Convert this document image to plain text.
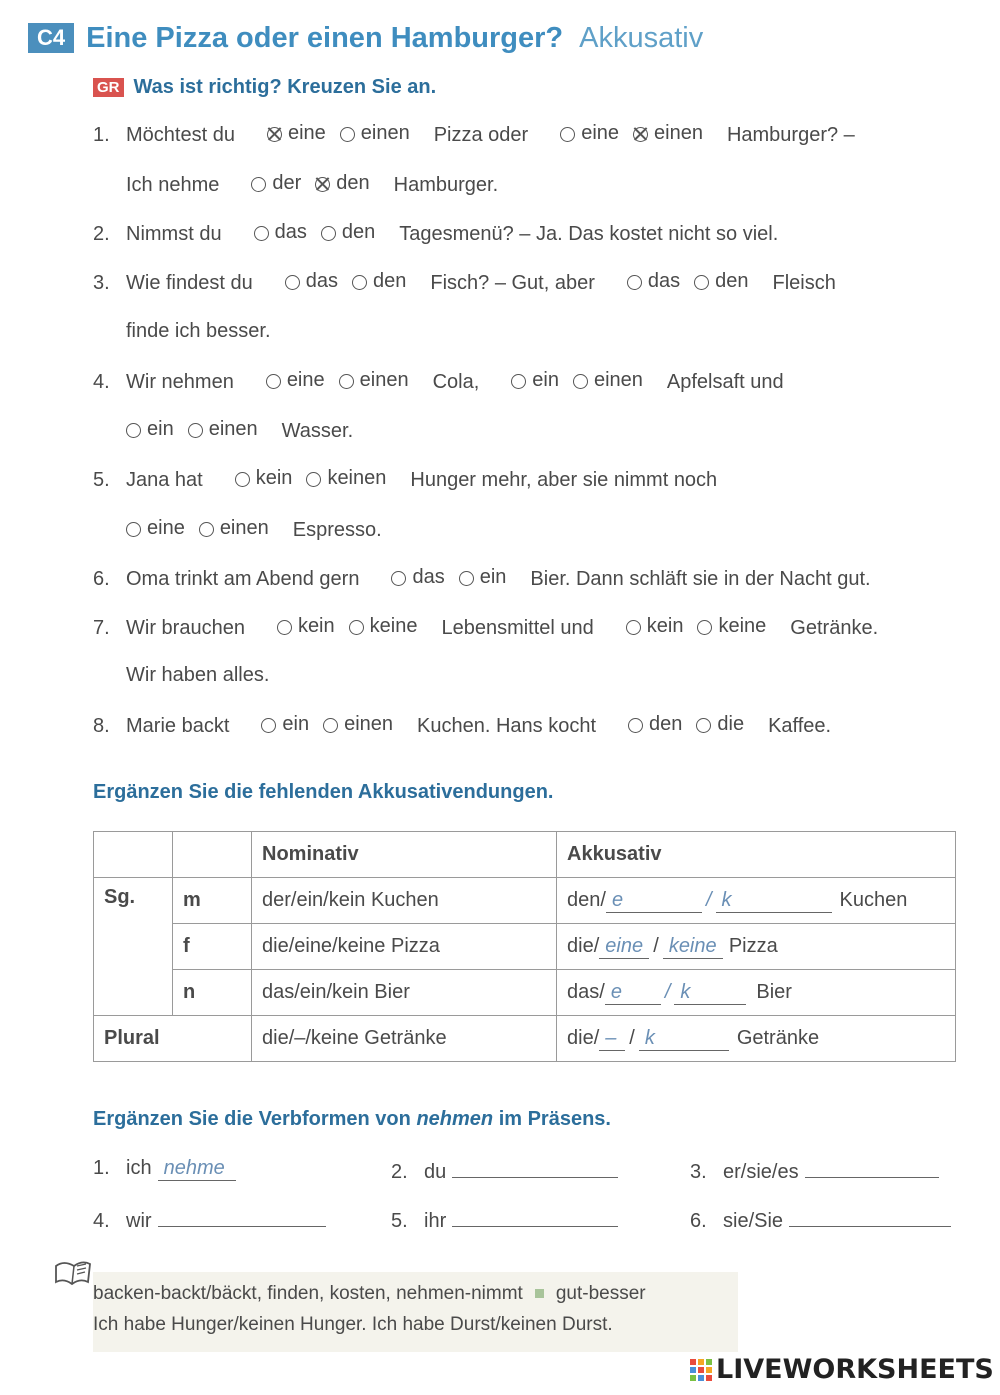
C4 Eine Pizza oder einen Hamburger? Akkusativ
GR Was ist richtig? Kreuzen Sie an.
1. Möchtest du	eine einen Pizza oder	eine einen Hamburger? –
Ich nehme	der den Hamburger.
2. Nimmst du	das den Tagesmenü? – Ja. Das kostet nicht so viel.
3. Wie findest du	das den Fisch? – Gut, aber	das den Fleisch
finde ich besser.
4. Wir nehmen	eine einen Cola,	ein einen Apfelsaft und
ein einen Wasser.
5. Jana hat	kein keinen Hunger mehr, aber sie nimmt noch
eine einen Espresso.
6. Oma trinkt am Abend gern	das ein Bier. Dann schläft sie in der Nacht gut.
7. Wir brauchen	kein keine Lebensmittel und	kein keine Getränke.
Wir haben alles.
8. Marie backt	ein einen Kuchen. Hans kocht	den die Kaffee.
Ergänzen Sie die fehlenden Akkusativendungen.
		Nominativ	Akkusativ
Sg.	m	der/ein/kein Kuchen	den/ e / k Kuchen
	f	die/eine/keine Pizza	die/ eine / keine Pizza
	n	das/ein/kein Bier	das/ e / k Bier
Plural		die/–/keine Getränke	die/ – / k Getränke
Ergänzen Sie die Verbformen von nehmen im Präsens.
1. ich nehme	2. du	3. er/sie/es
4. wir	5. ihr	6. sie/Sie
backen-backt/bäckt, finden, kosten, nehmen-nimmt gut-besser
Ich habe Hunger/keinen Hunger. Ich habe Durst/keinen Durst.
LIVEWORKSHEETS
